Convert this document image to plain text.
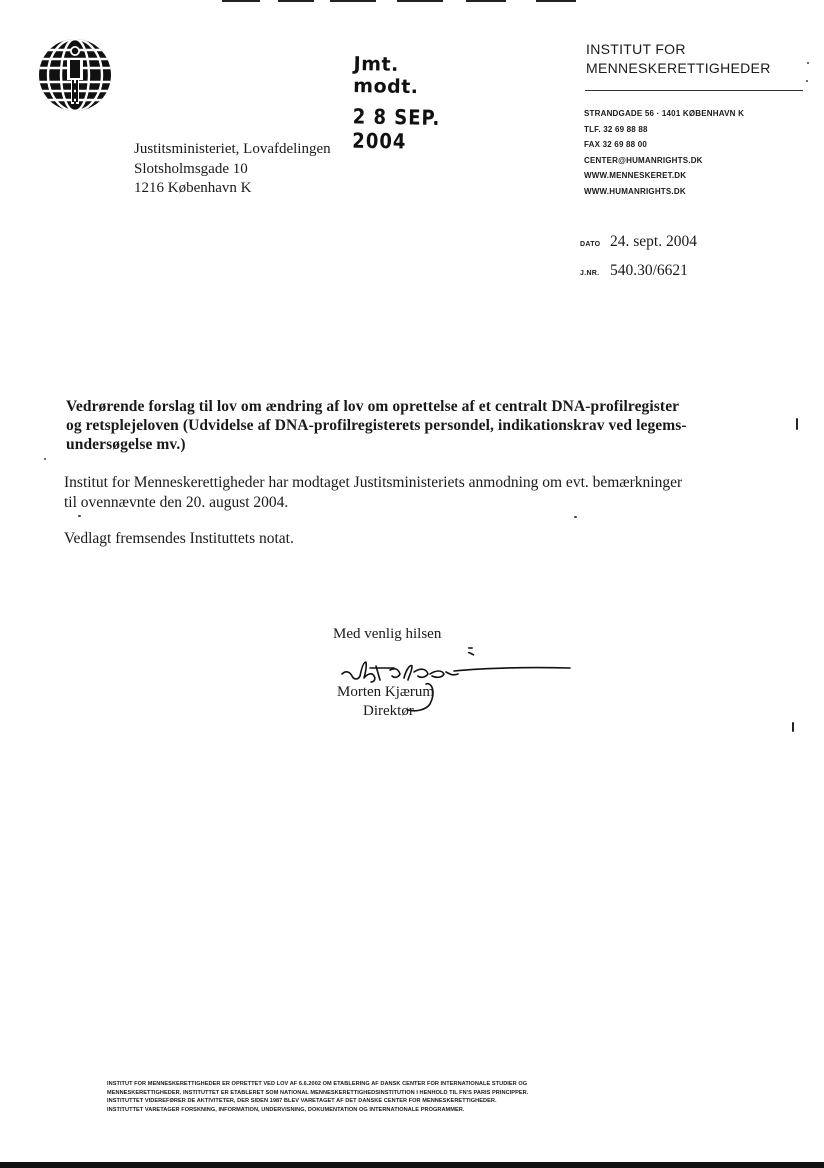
Jmt. modt.
2 8 SEP. 2004
INSTITUT FOR
MENNESKERETTIGHEDER
STRANDGADE 56 · 1401 KØBENHAVN K
TLF. 32 69 88 88
FAX 32 69 88 00
CENTER@HUMANRIGHTS.DK
WWW.MENNESKERET.DK
WWW.HUMANRIGHTS.DK
Justitsministeriet, Lovafdelingen
Slotsholmsgade 10
1216 København K
DATO 24. sept. 2004
J.NR. 540.30/6621
Vedrørende forslag til lov om ændring af lov om oprettelse af et centralt DNA-profilregister
og retsplejeloven (Udvidelse af DNA-profilregisterets persondel, indikationskrav ved legems-
undersøgelse mv.)
Institut for Menneskerettigheder har modtaget Justitsministeriets anmodning om evt. bemærkninger
til ovennævnte den 20. august 2004.
Vedlagt fremsendes Instituttets notat.
Med venlig hilsen
Morten Kjærum
Direktør
INSTITUT FOR MENNESKERETTIGHEDER ER OPRETTET VED LOV AF 6.6.2002 OM ETABLERING AF DANSK CENTER FOR INTERNATIONALE STUDIER OG
MENNESKERETTIGHEDER. INSTITUTTET ER ETABLERET SOM NATIONAL MENNESKERETTIGHEDSINSTITUTION I HENHOLD TIL FN'S PARIS PRINCIPPER.
INSTITUTTET VIDEREFØRER DE AKTIVITETER, DER SIDEN 1987 BLEV VARETAGET AF DET DANSKE CENTER FOR MENNESKERETTIGHEDER.
INSTITUTTET VARETAGER FORSKNING, INFORMATION, UNDERVISNING, DOKUMENTATION OG INTERNATIONALE PROGRAMMER.
